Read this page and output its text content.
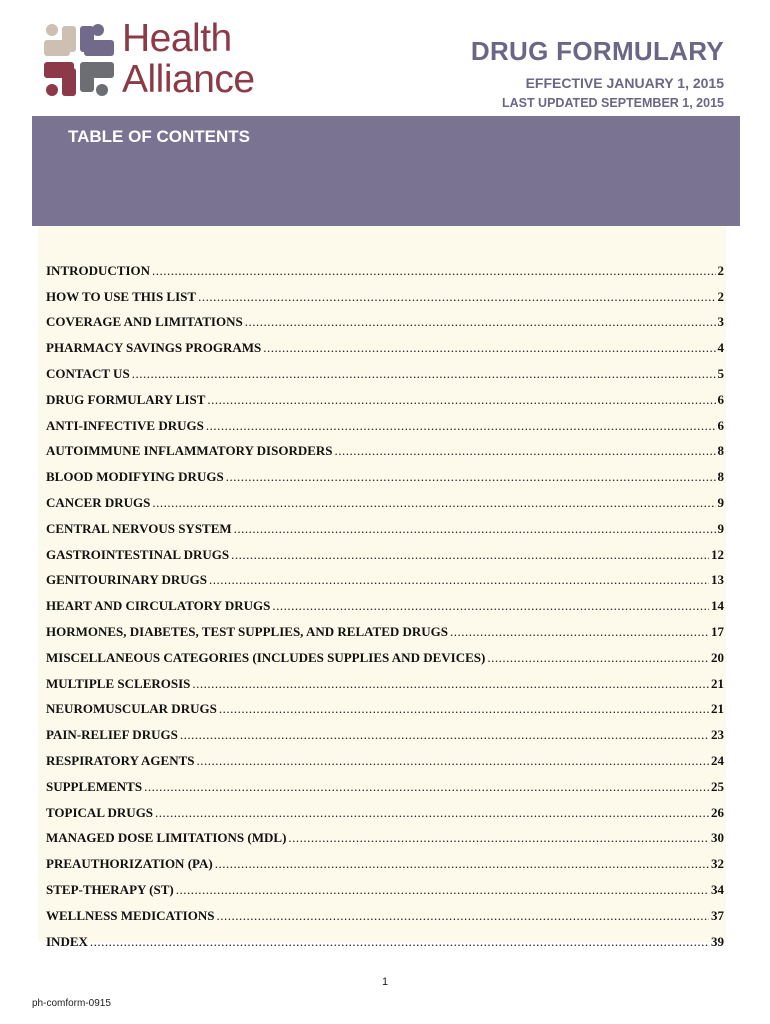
Health
Alliance
DRUG FORMULARY
EFFECTIVE JANUARY 1, 2015
LAST UPDATED SEPTEMBER 1, 2015
TABLE OF CONTENTS
INTRODUCTION .....	2
HOW TO USE THIS LIST .....	2
COVERAGE AND LIMITATIONS .....	3
PHARMACY SAVINGS PROGRAMS .....	4
CONTACT US .....	5
DRUG FORMULARY LIST .....	6
ANTI-INFECTIVE DRUGS .....	6
AUTOIMMUNE INFLAMMATORY DISORDERS .....	8
BLOOD MODIFYING DRUGS .....	8
CANCER DRUGS .....	9
CENTRAL NERVOUS SYSTEM .....	9
GASTROINTESTINAL DRUGS .....	12
GENITOURINARY DRUGS .....	13
HEART AND CIRCULATORY DRUGS .....	14
HORMONES, DIABETES, TEST SUPPLIES, AND RELATED DRUGS .....	17
MISCELLANEOUS CATEGORIES (INCLUDES SUPPLIES AND DEVICES) .....	20
MULTIPLE SCLEROSIS .....	21
NEUROMUSCULAR DRUGS .....	21
PAIN-RELIEF DRUGS .....	23
RESPIRATORY AGENTS .....	24
SUPPLEMENTS .....	25
TOPICAL DRUGS .....	26
MANAGED DOSE LIMITATIONS (MDL) .....	30
PREAUTHORIZATION (PA) .....	32
STEP-THERAPY (ST) .....	34
WELLNESS MEDICATIONS .....	37
INDEX .....	39
1
ph-comform-0915
